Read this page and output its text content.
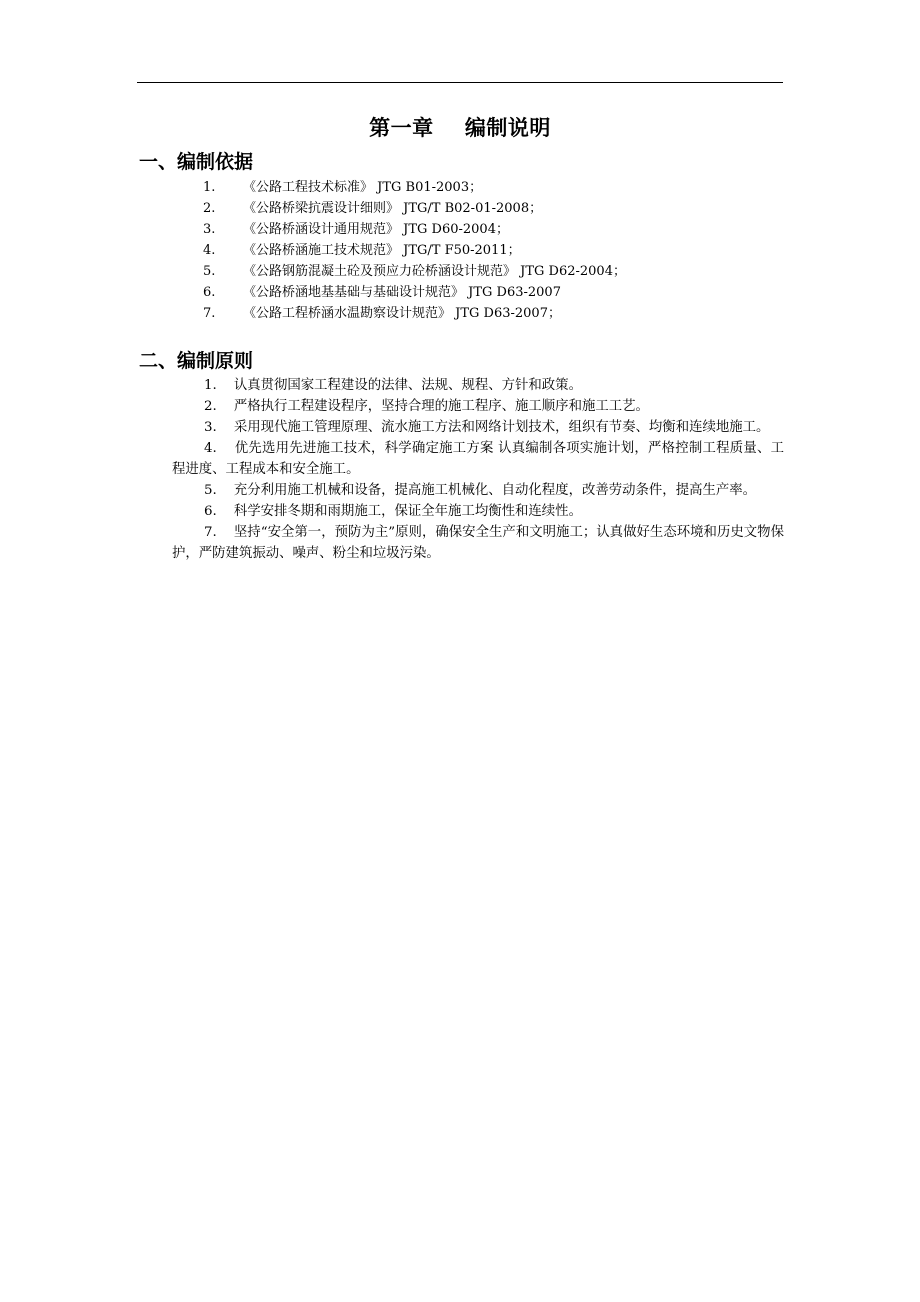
第一章    编制说明
一、编制依据
1. 《公路工程技术标准》 JTG B01-2003；
2. 《公路桥梁抗震设计细则》 JTG/T B02-01-2008；
3. 《公路桥涵设计通用规范》 JTG D60-2004；
4. 《公路桥涵施工技术规范》 JTG/T F50-2011；
5. 《公路钢筋混凝土砼及预应力砼桥涵设计规范》 JTG D62-2004；
6. 《公路桥涵地基基础与基础设计规范》 JTG D63-2007
7. 《公路工程桥涵水温勘察设计规范》 JTG D63-2007；
二、编制原则

1. 认真贯彻国家工程建设的法律、法规、规程、方针和政策。

2. 严格执行工程建设程序，坚持合理的施工程序、施工顺序和施工工艺。

3. 采用现代施工管理原理、流水施工方法和网络计划技术，组织有节奏、均衡和连续地施工。

4. 优先选用先进施工技术，科学确定施工方案 认真编制各项实施计划，严格控制工程质量、工程进度、工程成本和安全施工。

5. 充分利用施工机械和设备，提高施工机械化、自动化程度，改善劳动条件，提高生产率。

6. 科学安排冬期和雨期施工，保证全年施工均衡性和连续性。

7. 坚持“安全第一，预防为主”原则，确保安全生产和文明施工；认真做好生态环境和历史文物保护，严防建筑振动、噪声、粉尘和垃圾污染。
